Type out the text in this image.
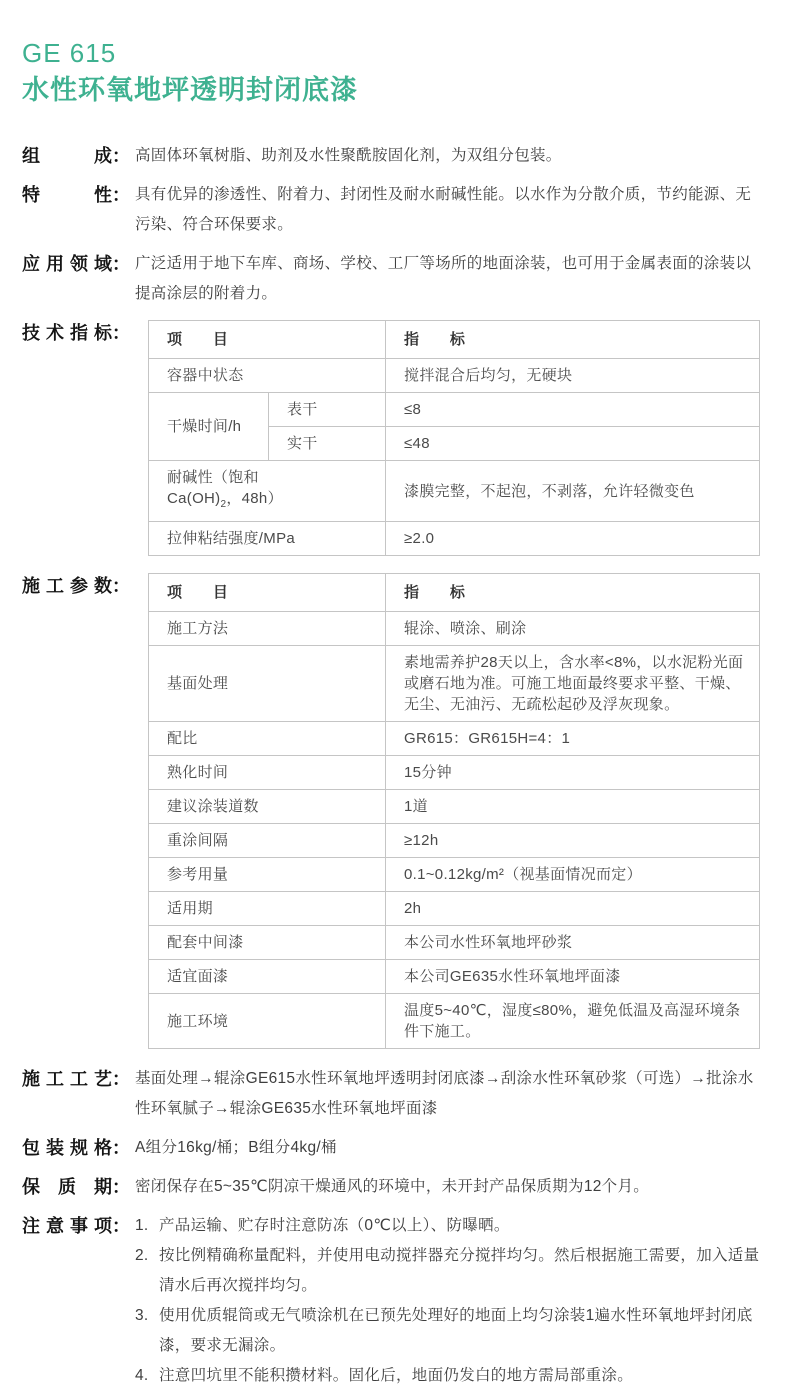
GE 615
水性环氧地坪透明封闭底漆
组成 ： 高固体环氧树脂、助剂及水性聚酰胺固化剂，为双组分包装。
特性 ： 具有优异的渗透性、附着力、封闭性及耐水耐碱性能。以水作为分散介质，节约能源、无污染、符合环保要求。
应用领域 ： 广泛适用于地下车库、商场、学校、工厂等场所的地面涂装，也可用于金属表面的涂装以提高涂层的附着力。
技术指标 ： 项　　目		指　　标
容器中状态		搅拌混合后均匀，无硬块
干燥时间/h	表干	≤8
	实干	≤48
耐碱性（饱和$Ca(OH)_2$，48h）		漆膜完整，不起泡，不剥落，允许轻微变色
拉伸粘结强度/MPa		≥2.0
施工参数 ： 项　　目	指　　标
施工方法	辊涂、喷涂、刷涂
基面处理	素地需养护28天以上，含水率<8%，以水泥粉光面或磨石地为准。可施工地面最终要求平整、干燥、无尘、无油污、无疏松起砂及浮灰现象。
配比	GR615：GR615H=4：1
熟化时间	15分钟
建议涂装道数	1道
重涂间隔	≥12h
参考用量	0.1~0.12kg/m²（视基面情况而定）
适用期	2h
配套中间漆	本公司水性环氧地坪砂浆
适宜面漆	本公司GE635水性环氧地坪面漆
施工环境	温度5~40℃，湿度≤80%，避免低温及高湿环境条件下施工。
施工工艺 ： 基面处理→辊涂GE615水性环氧地坪透明封闭底漆→刮涂水性环氧砂浆（可选）→批涂水性环氧腻子→辊涂GE635水性环氧地坪面漆
包装规格 ： A组分16kg/桶；B组分4kg/桶
保质期 ： 密闭保存在5~35℃阴凉干燥通风的环境中，未开封产品保质期为12个月。
注意事项 ： 1. 产品运输、贮存时注意防冻（0℃以上）、防曝晒。
2. 按比例精确称量配料，并使用电动搅拌器充分搅拌均匀。然后根据施工需要，加入适量清水后再次搅拌均匀。
3. 使用优质辊筒或无气喷涂机在已预先处理好的地面上均匀涂装1遍水性环氧地坪封闭底漆，要求无漏涂。
4. 注意凹坑里不能积攒材料。固化后，地面仍发白的地方需局部重涂。
